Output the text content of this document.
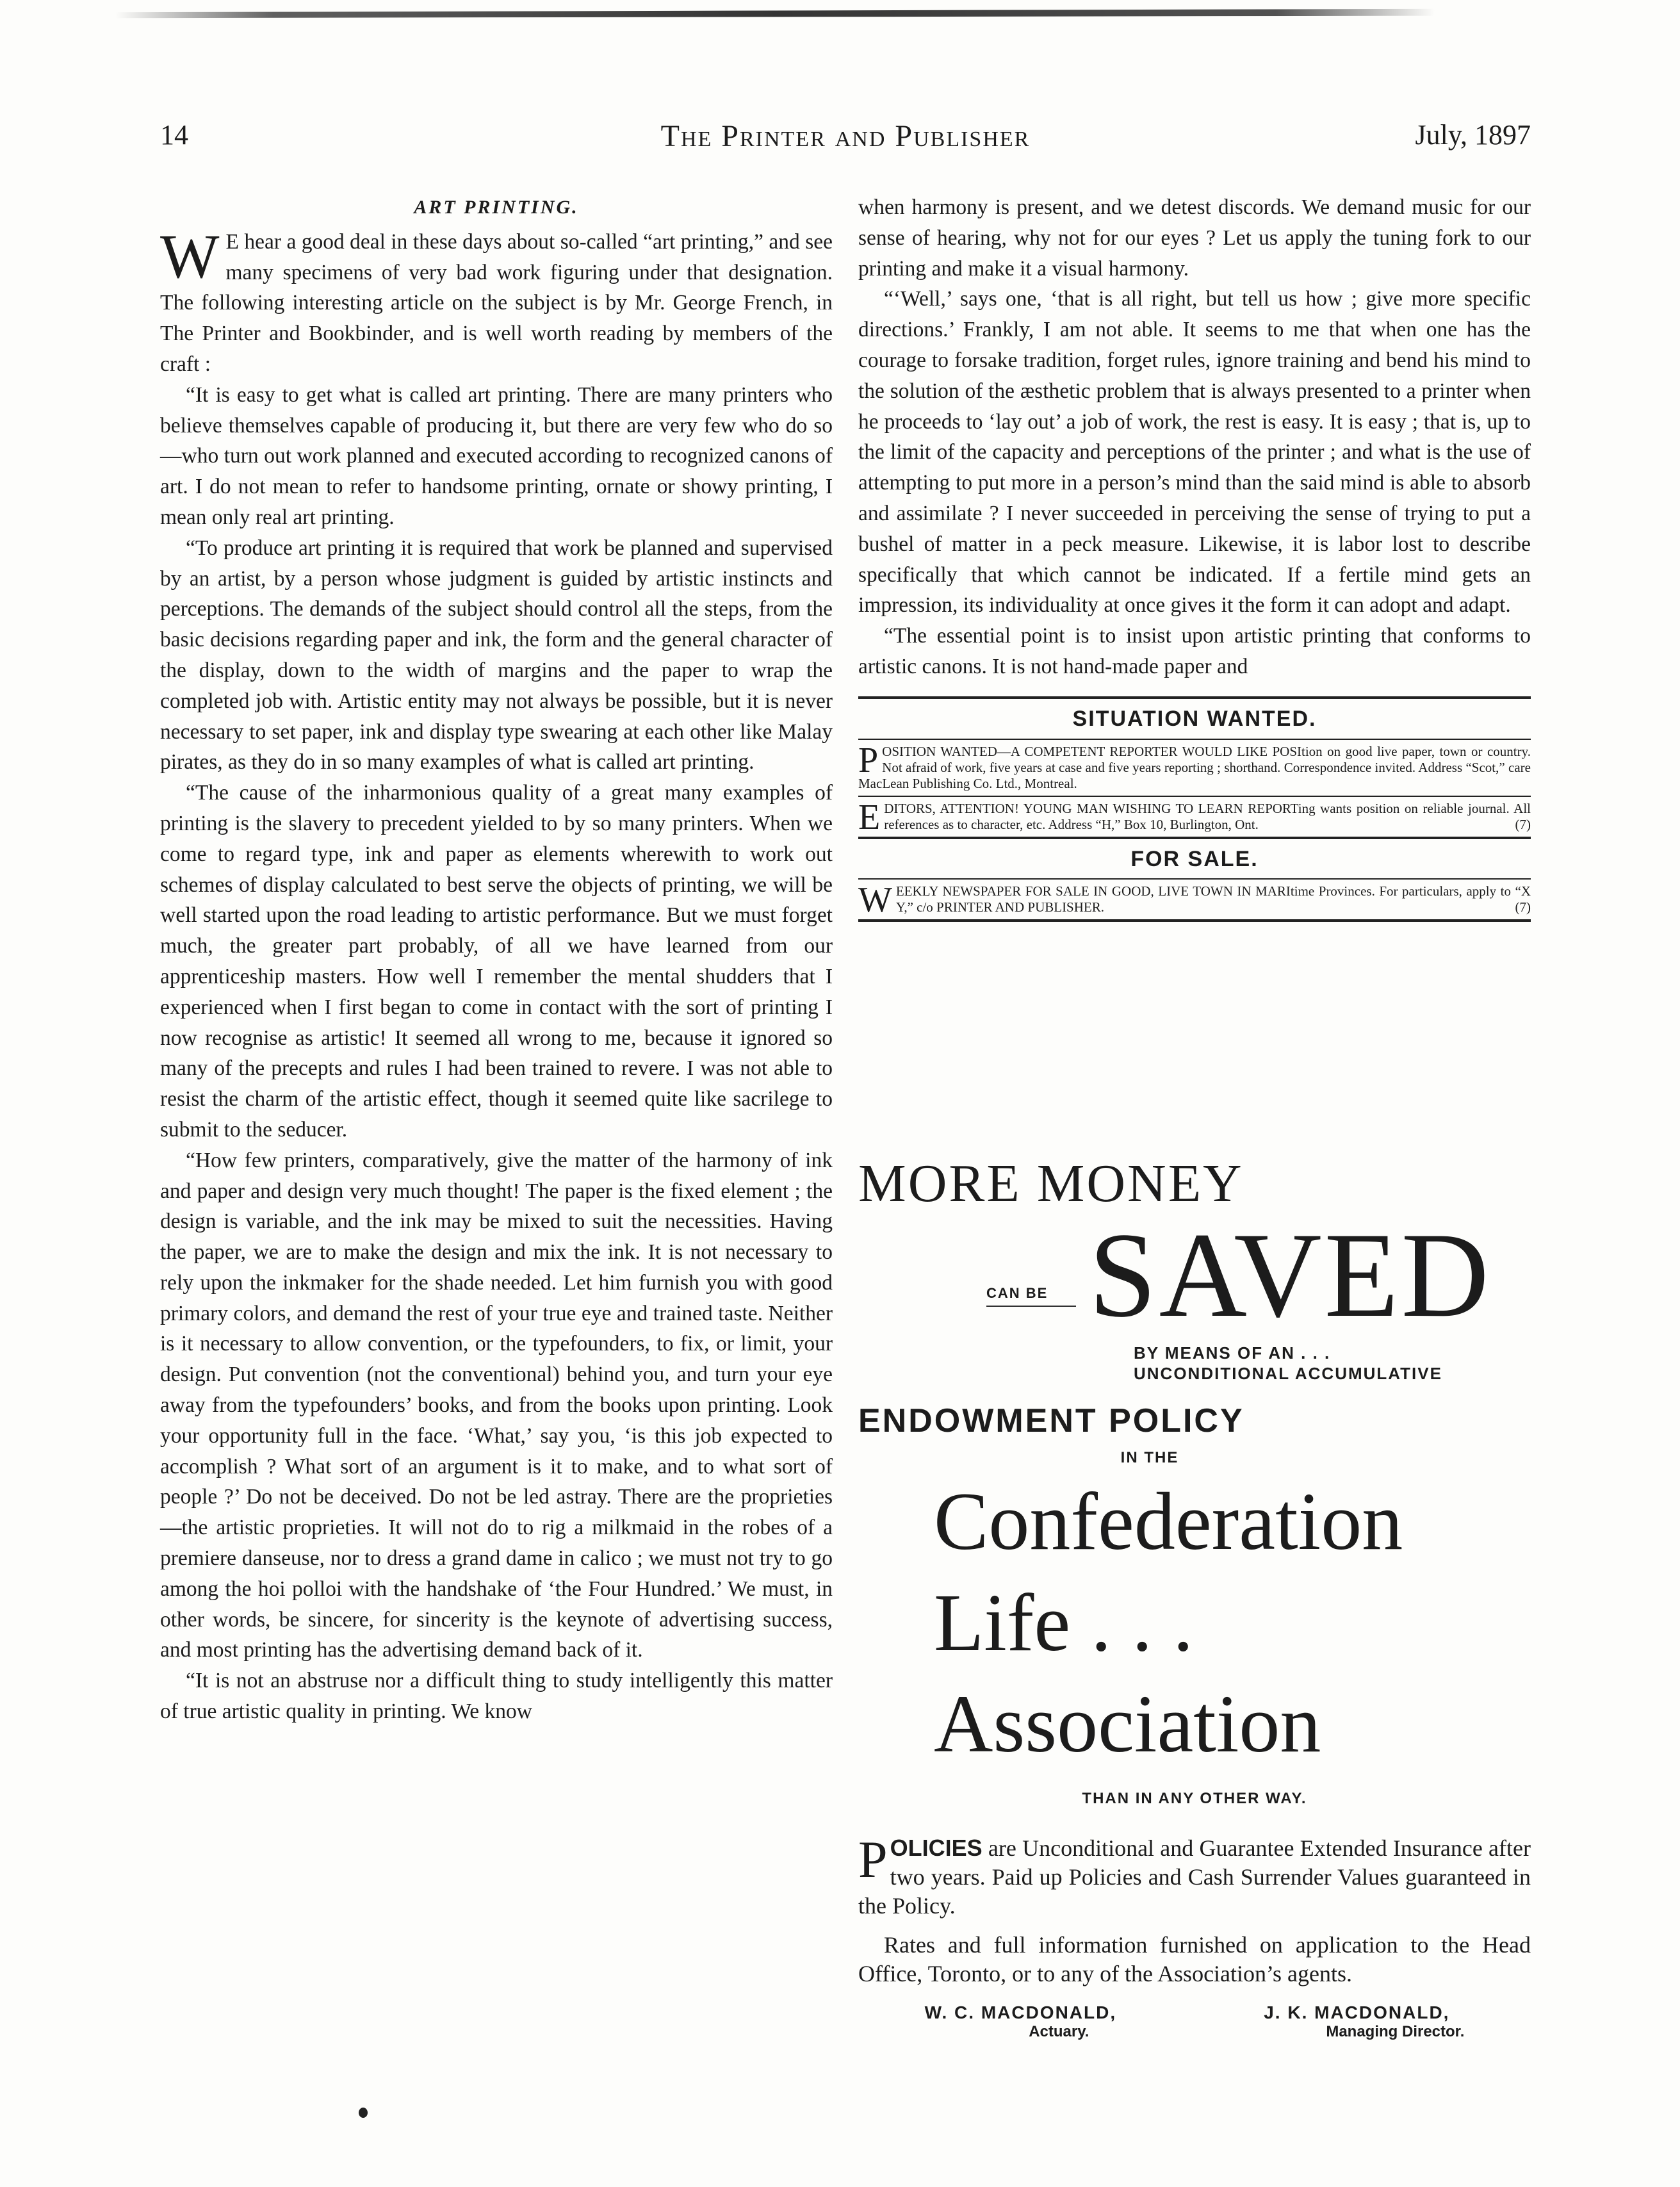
14	The Printer and Publisher	July, 1897
ART PRINTING.

W E hear a good deal in these days about so-called “art printing,” and see many specimens of very bad work figuring under that designation. The following interesting article on the subject is by Mr. George French, in The Printer and Bookbinder, and is well worth reading by members of the craft :

“It is easy to get what is called art printing. There are many printers who believe themselves capable of producing it, but there are very few who do so—who turn out work planned and executed according to recognized canons of art. I do not mean to refer to handsome printing, ornate or showy printing, I mean only real art printing.

“To produce art printing it is required that work be planned and supervised by an artist, by a person whose judgment is guided by artistic instincts and perceptions. The demands of the subject should control all the steps, from the basic decisions regarding paper and ink, the form and the general character of the display, down to the width of margins and the paper to wrap the completed job with. Artistic entity may not always be possible, but it is never necessary to set paper, ink and display type swearing at each other like Malay pirates, as they do in so many examples of what is called art printing.

“The cause of the inharmonious quality of a great many examples of printing is the slavery to precedent yielded to by so many printers. When we come to regard type, ink and paper as elements wherewith to work out schemes of display calculated to best serve the objects of printing, we will be well started upon the road leading to artistic performance. But we must forget much, the greater part probably, of all we have learned from our apprenticeship masters. How well I remember the mental shudders that I experienced when I first began to come in contact with the sort of printing I now recognise as artistic! It seemed all wrong to me, because it ignored so many of the precepts and rules I had been trained to revere. I was not able to resist the charm of the artistic effect, though it seemed quite like sacrilege to submit to the seducer.

“How few printers, comparatively, give the matter of the harmony of ink and paper and design very much thought! The paper is the fixed element ; the design is variable, and the ink may be mixed to suit the necessities. Having the paper, we are to make the design and mix the ink. It is not necessary to rely upon the inkmaker for the shade needed. Let him furnish you with good primary colors, and demand the rest of your true eye and trained taste. Neither is it necessary to allow convention, or the typefounders, to fix, or limit, your design. Put convention (not the conventional) behind you, and turn your eye away from the typefounders’ books, and from the books upon printing. Look your opportunity full in the face. ‘What,’ say you, ‘is this job expected to accomplish ? What sort of an argument is it to make, and to what sort of people ?’ Do not be deceived. Do not be led astray. There are the proprieties—the artistic proprieties. It will not do to rig a milkmaid in the robes of a premiere danseuse, nor to dress a grand dame in calico ; we must not try to go among the hoi polloi with the handshake of ‘the Four Hundred.’ We must, in other words, be sincere, for sincerity is the keynote of advertising success, and most printing has the advertising demand back of it.

“It is not an abstruse nor a difficult thing to study intelligently this matter of true artistic quality in printing. We know

when harmony is present, and we detest discords. We demand music for our sense of hearing, why not for our eyes ? Let us apply the tuning fork to our printing and make it a visual harmony.

“‘Well,’ says one, ‘that is all right, but tell us how ; give more specific directions.’ Frankly, I am not able. It seems to me that when one has the courage to forsake tradition, forget rules, ignore training and bend his mind to the solution of the æsthetic problem that is always presented to a printer when he proceeds to ‘lay out’ a job of work, the rest is easy. It is easy ; that is, up to the limit of the capacity and perceptions of the printer ; and what is the use of attempting to put more in a person’s mind than the said mind is able to absorb and assimilate ? I never succeeded in perceiving the sense of trying to put a bushel of matter in a peck measure. Likewise, it is labor lost to describe specifically that which cannot be indicated. If a fertile mind gets an impression, its individuality at once gives it the form it can adopt and adapt.

“The essential point is to insist upon artistic printing that conforms to artistic canons. It is not hand-made paper and

SITUATION WANTED.
POSITION WANTED—A COMPETENT REPORTER WOULD LIKE POSItion on good live paper, town or country. Not afraid of work, five years at case and five years reporting ; shorthand. Correspondence invited. Address “Scot,” care MacLean Publishing Co. Ltd., Montreal.
EDITORS, ATTENTION! YOUNG MAN WISHING TO LEARN REPORTing wants position on reliable journal. All references as to character, etc. Address “H,” Box 10, Burlington, Ont.	(7)
FOR SALE.
WEEKLY NEWSPAPER FOR SALE IN GOOD, LIVE TOWN IN MARItime Provinces. For particulars, apply to “X Y,” c/o PRINTER AND PUBLISHER.	(7)
MORE MONEY
CAN BE SAVED
BY MEANS OF AN . . .
UNCONDITIONAL ACCUMULATIVE
ENDOWMENT POLICY
IN THE
Confederation
Life . . .
Association
THAN IN ANY OTHER WAY.
POLICIES are Unconditional and Guarantee Extended Insurance after two years. Paid up Policies and Cash Surrender Values guaranteed in the Policy.
Rates and full information furnished on application to the Head Office, Toronto, or to any of the Association’s agents.
W. C. MACDONALD,
Actuary.
J. K. MACDONALD,
Managing Director.
